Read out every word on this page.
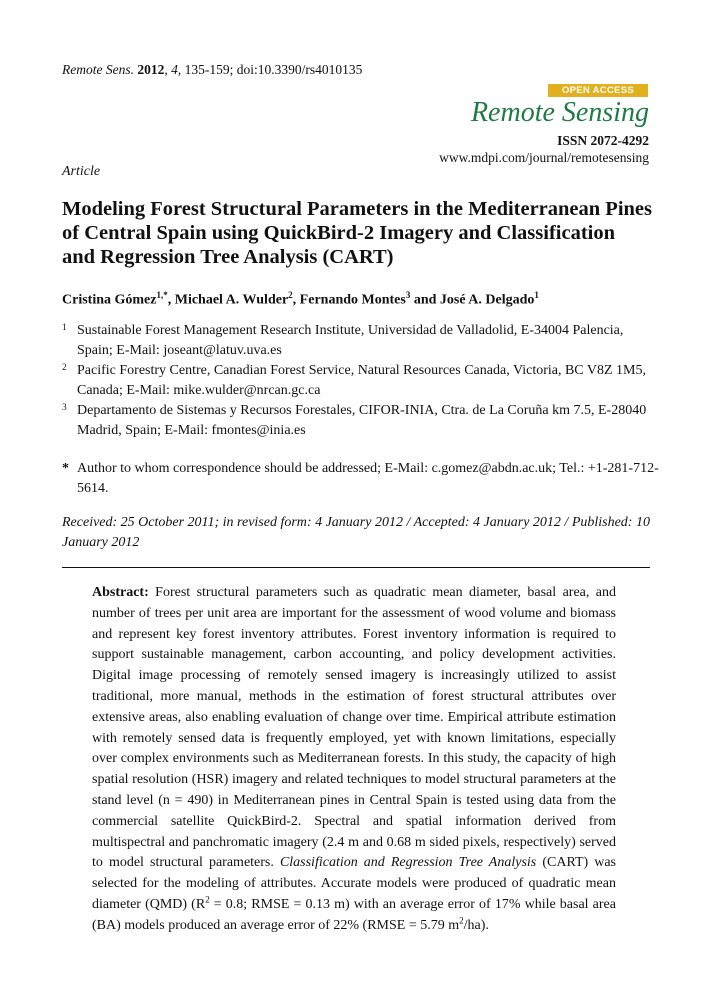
Remote Sens. 2012, 4, 135-159; doi:10.3390/rs4010135
OPEN ACCESS
Remote Sensing
ISSN 2072-4292
www.mdpi.com/journal/remotesensing
Article
Modeling Forest Structural Parameters in the Mediterranean Pines of Central Spain using QuickBird-2 Imagery and Classification and Regression Tree Analysis (CART)
Cristina Gómez$^{1,*}$, Michael A. Wulder$^2$, Fernando Montes$^3$ and José A. Delgado$^1$
1 Sustainable Forest Management Research Institute, Universidad de Valladolid, E-34004 Palencia, Spain; E-Mail: joseant@latuv.uva.es
2 Pacific Forestry Centre, Canadian Forest Service, Natural Resources Canada, Victoria, BC V8Z 1M5, Canada; E-Mail: mike.wulder@nrcan.gc.ca
3 Departamento de Sistemas y Recursos Forestales, CIFOR-INIA, Ctra. de La Coruña km 7.5, E-28040 Madrid, Spain; E-Mail: fmontes@inia.es
* Author to whom correspondence should be addressed; E-Mail: c.gomez@abdn.ac.uk; Tel.: +1-281-712-5614.
Received: 25 October 2011; in revised form: 4 January 2012 / Accepted: 4 January 2012 / Published: 10 January 2012
Abstract: Forest structural parameters such as quadratic mean diameter, basal area, and number of trees per unit area are important for the assessment of wood volume and biomass and represent key forest inventory attributes. Forest inventory information is required to support sustainable management, carbon accounting, and policy development activities. Digital image processing of remotely sensed imagery is increasingly utilized to assist traditional, more manual, methods in the estimation of forest structural attributes over extensive areas, also enabling evaluation of change over time. Empirical attribute estimation with remotely sensed data is frequently employed, yet with known limitations, especially over complex environments such as Mediterranean forests. In this study, the capacity of high spatial resolution (HSR) imagery and related techniques to model structural parameters at the stand level (n = 490) in Mediterranean pines in Central Spain is tested using data from the commercial satellite QuickBird-2. Spectral and spatial information derived from multispectral and panchromatic imagery (2.4 m and 0.68 m sided pixels, respectively) served to model structural parameters. Classification and Regression Tree Analysis (CART) was selected for the modeling of attributes. Accurate models were produced of quadratic mean diameter (QMD) ($R^2 = 0.8$; RMSE = 0.13 m) with an average error of 17% while basal area (BA) models produced an average error of 22% (RMSE = 5.79 $m^2/ha$).
